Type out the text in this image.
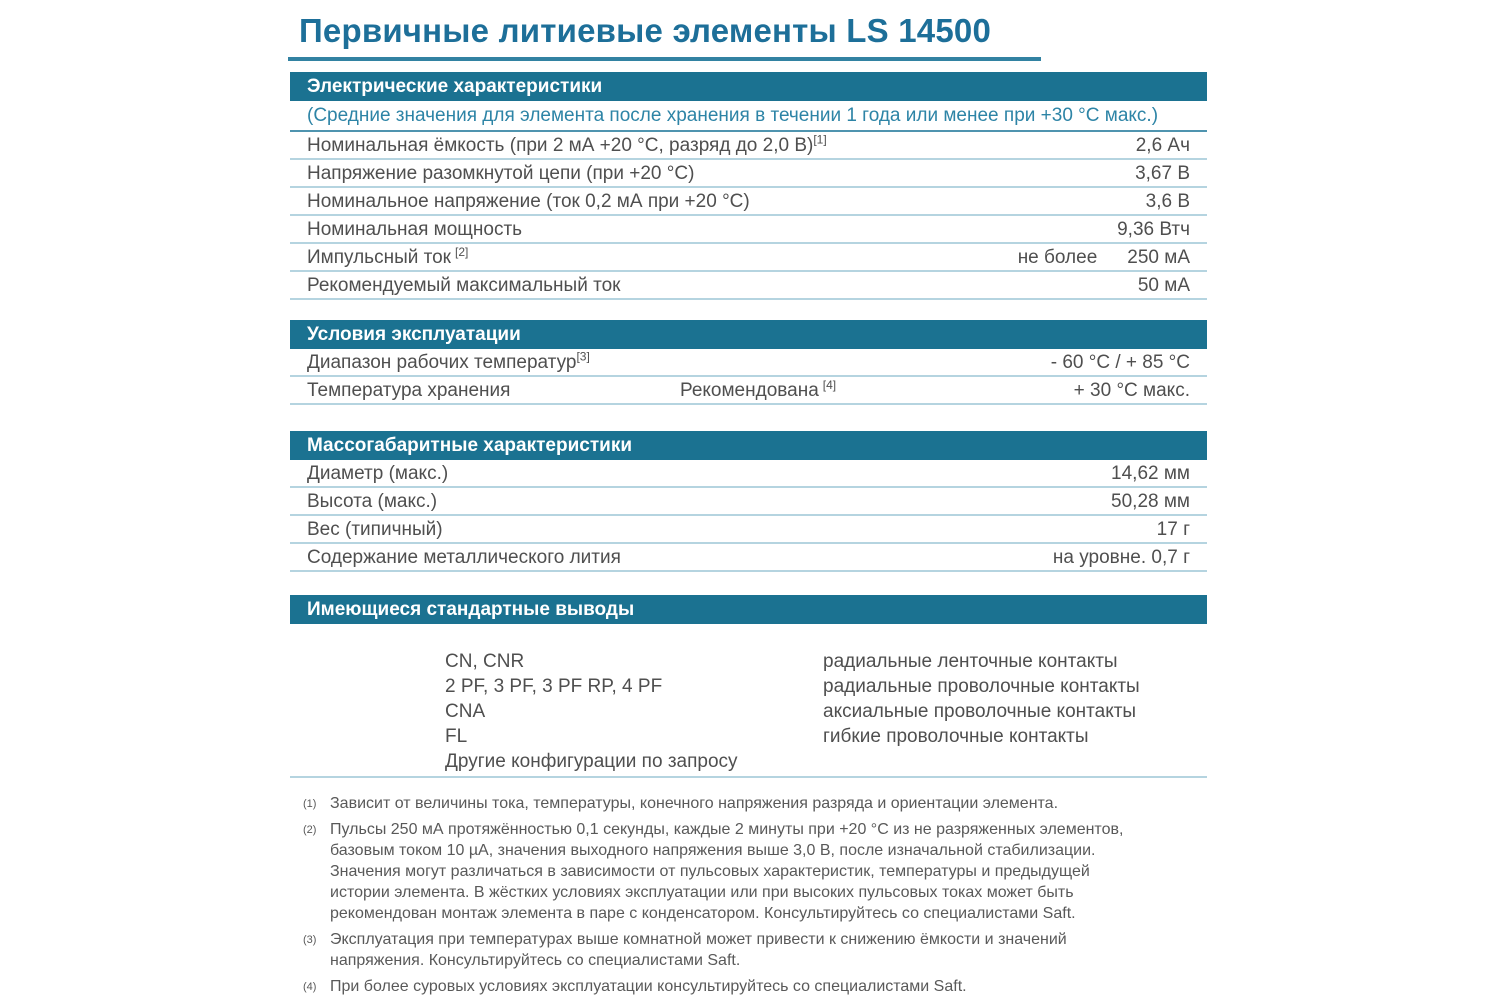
Первичные литиевые элементы LS 14500
Электрические характеристики
(Средние значения для элемента после хранения в течении 1 года или менее при +30 °C макс.)
Номинальная ёмкость (при 2 мА +20 °C, разряд до 2,0 В)[1]	2,6 Ач
Напряжение разомкнутой цепи (при +20 °C)	3,67 В
Номинальное напряжение (ток 0,2 мА при +20 °C)	3,6 В
Номинальная мощность	9,36 Втч
Импульсный ток [2]	не более 250 мА
Рекомендуемый максимальный ток	50 мА
Условия эксплуатации
Диапазон рабочих температур[3]	- 60 °C / + 85 °C
Температура хранения	Рекомендована [4]	+ 30 °C макс.
Массогабаритные характеристики
Диаметр (макс.)	14,62 мм
Высота (макс.)	50,28 мм
Вес (типичный)	17 г
Содержание металлического лития	на уровне. 0,7 г
Имеющиеся стандартные выводы
CN, CNR	радиальные ленточные контакты
2 PF, 3 PF, 3 PF RP, 4 PF	радиальные проволочные контакты
CNA	аксиальные проволочные контакты
FL	гибкие проволочные контакты
Другие конфигурации по запросу
(1) Зависит от величины тока, температуры, конечного напряжения разряда и ориентации элемента.
(2) Пульсы 250 мА протяжённостью 0,1 секунды, каждые 2 минуты при +20 °C из не разряженных элементов, базовым током 10 µА, значения выходного напряжения выше 3,0 В, после изначальной стабилизации. Значения могут различаться в зависимости от пульсовых характеристик, температуры и предыдущей истории элемента. В жёстких условиях эксплуатации или при высоких пульсовых токах может быть рекомендован монтаж элемента в паре с конденсатором. Консультируйтесь со специалистами Saft.
(3) Эксплуатация при температурах выше комнатной может привести к снижению ёмкости и значений напряжения. Консультируйтесь со специалистами Saft.
(4) При более суровых условиях эксплуатации консультируйтесь со специалистами Saft.
